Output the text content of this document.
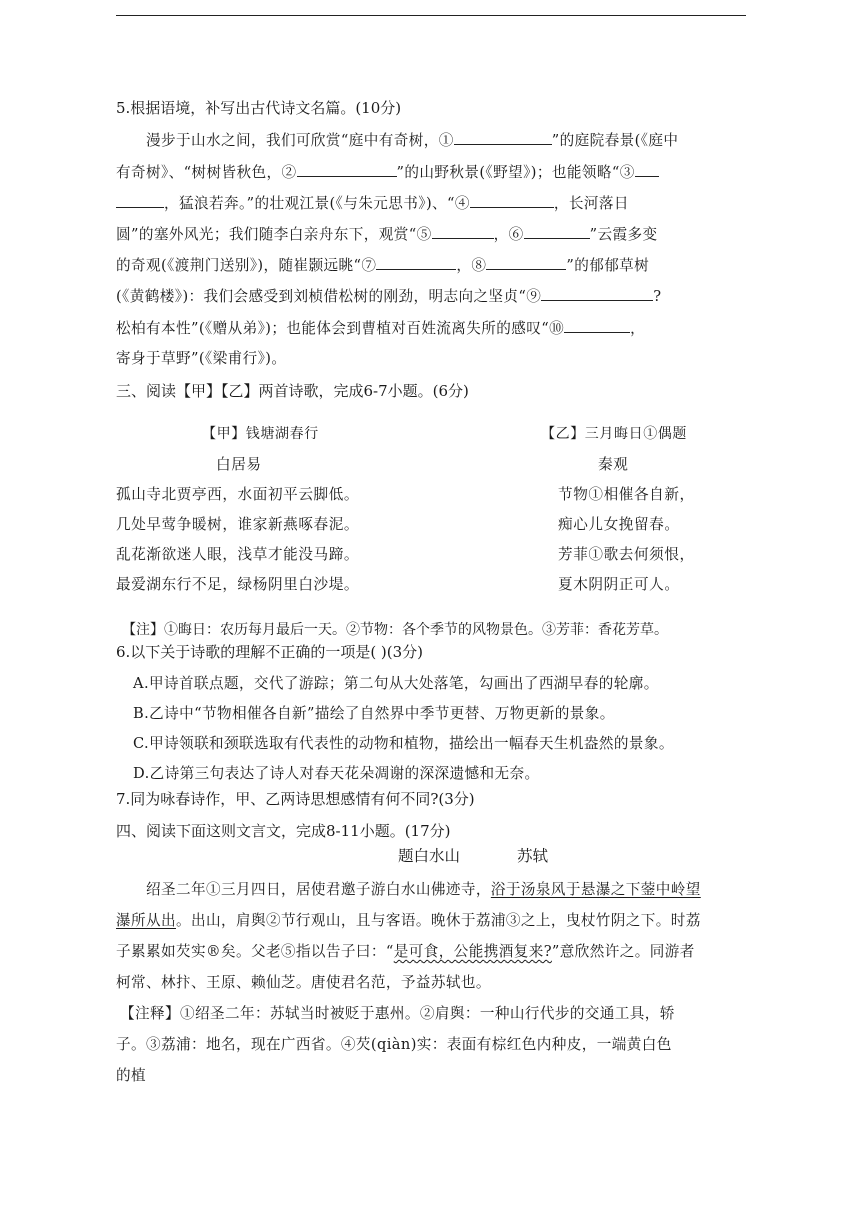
5.根据语境，补写出古代诗文名篇。(10分)
漫步于山水之间，我们可欣赏“庭中有奇树，①	”的庭院春景(《庭中
有奇树》、“树树皆秋色，②	”的山野秋景(《野望》)；也能领略“③
，猛浪若奔。”的壮观江景(《与朱元思书》)、“④	，长河落日
圆”的塞外风光；我们随李白亲舟东下，观赏“⑤	，⑥	”云霞多变
的奇观(《渡荆门送别》)，随崔颢远眺“⑦	，⑧	”的郁郁草树
(《黄鹤楼》)：我们会感受到刘桢借松树的刚劲，明志向之坚贞“⑨	?
松柏有本性”(《赠从弟》)；也能体会到曹植对百姓流离失所的感叹“⑩	，
寄身于草野”(《梁甫行》)。
三、阅读【甲】【乙】两首诗歌，完成6-7小题。(6分)
【甲】钱塘湖春行
白居易
孤山寺北贾亭西，水面初平云脚低。
几处早莺争暖树，谁家新燕啄春泥。
乱花渐欲迷人眼，浅草才能没马蹄。
最爱湖东行不足，绿杨阴里白沙堤。
【乙】三月晦日①偶题
秦观
节物①相催各自新，
痴心儿女挽留春。
芳菲①歌去何须恨，
夏木阴阴正可人。
【注】①晦日：农历每月最后一天。②节物：各个季节的风物景色。③芳菲：香花芳草。
6.以下关于诗歌的理解不正确的一项是( )(3分)
A.甲诗首联点题，交代了游踪；第二句从大处落笔，勾画出了西湖早春的轮廓。
B.乙诗中“节物相催各自新”描绘了自然界中季节更替、万物更新的景象。
C.甲诗领联和颈联选取有代表性的动物和植物，描绘出一幅春天生机盎然的景象。
D.乙诗第三句表达了诗人对春天花朵凋谢的深深遗憾和无奈。
7.同为咏春诗作，甲、乙两诗思想感情有何不同?(3分)
四、阅读下面这则文言文，完成8-11小题。(17分)
题白水山	苏轼
绍圣二年①三月四日，居使君邀子游白水山佛迹寺，浴于汤泉风于悬瀑之下蓥中岭望
瀑所从出。出山，肩舆②节行观山，且与客语。晚休于荔浦③之上，曳杖竹阴之下。时荔
子累累如芡实®矣。父老⑤指以告子曰：“是可食，公能携酒复来?”意欣然许之。同游者
柯常、林抃、王原、赖仙芝。唐使君名范，予益苏轼也。
【注释】①绍圣二年：苏轼当时被贬于惠州。②肩舆：一种山行代步的交通工具，轿
子。③荔浦：地名，现在广西省。④芡(qiàn)实：表面有棕红色内种皮，一端黄白色
的植
